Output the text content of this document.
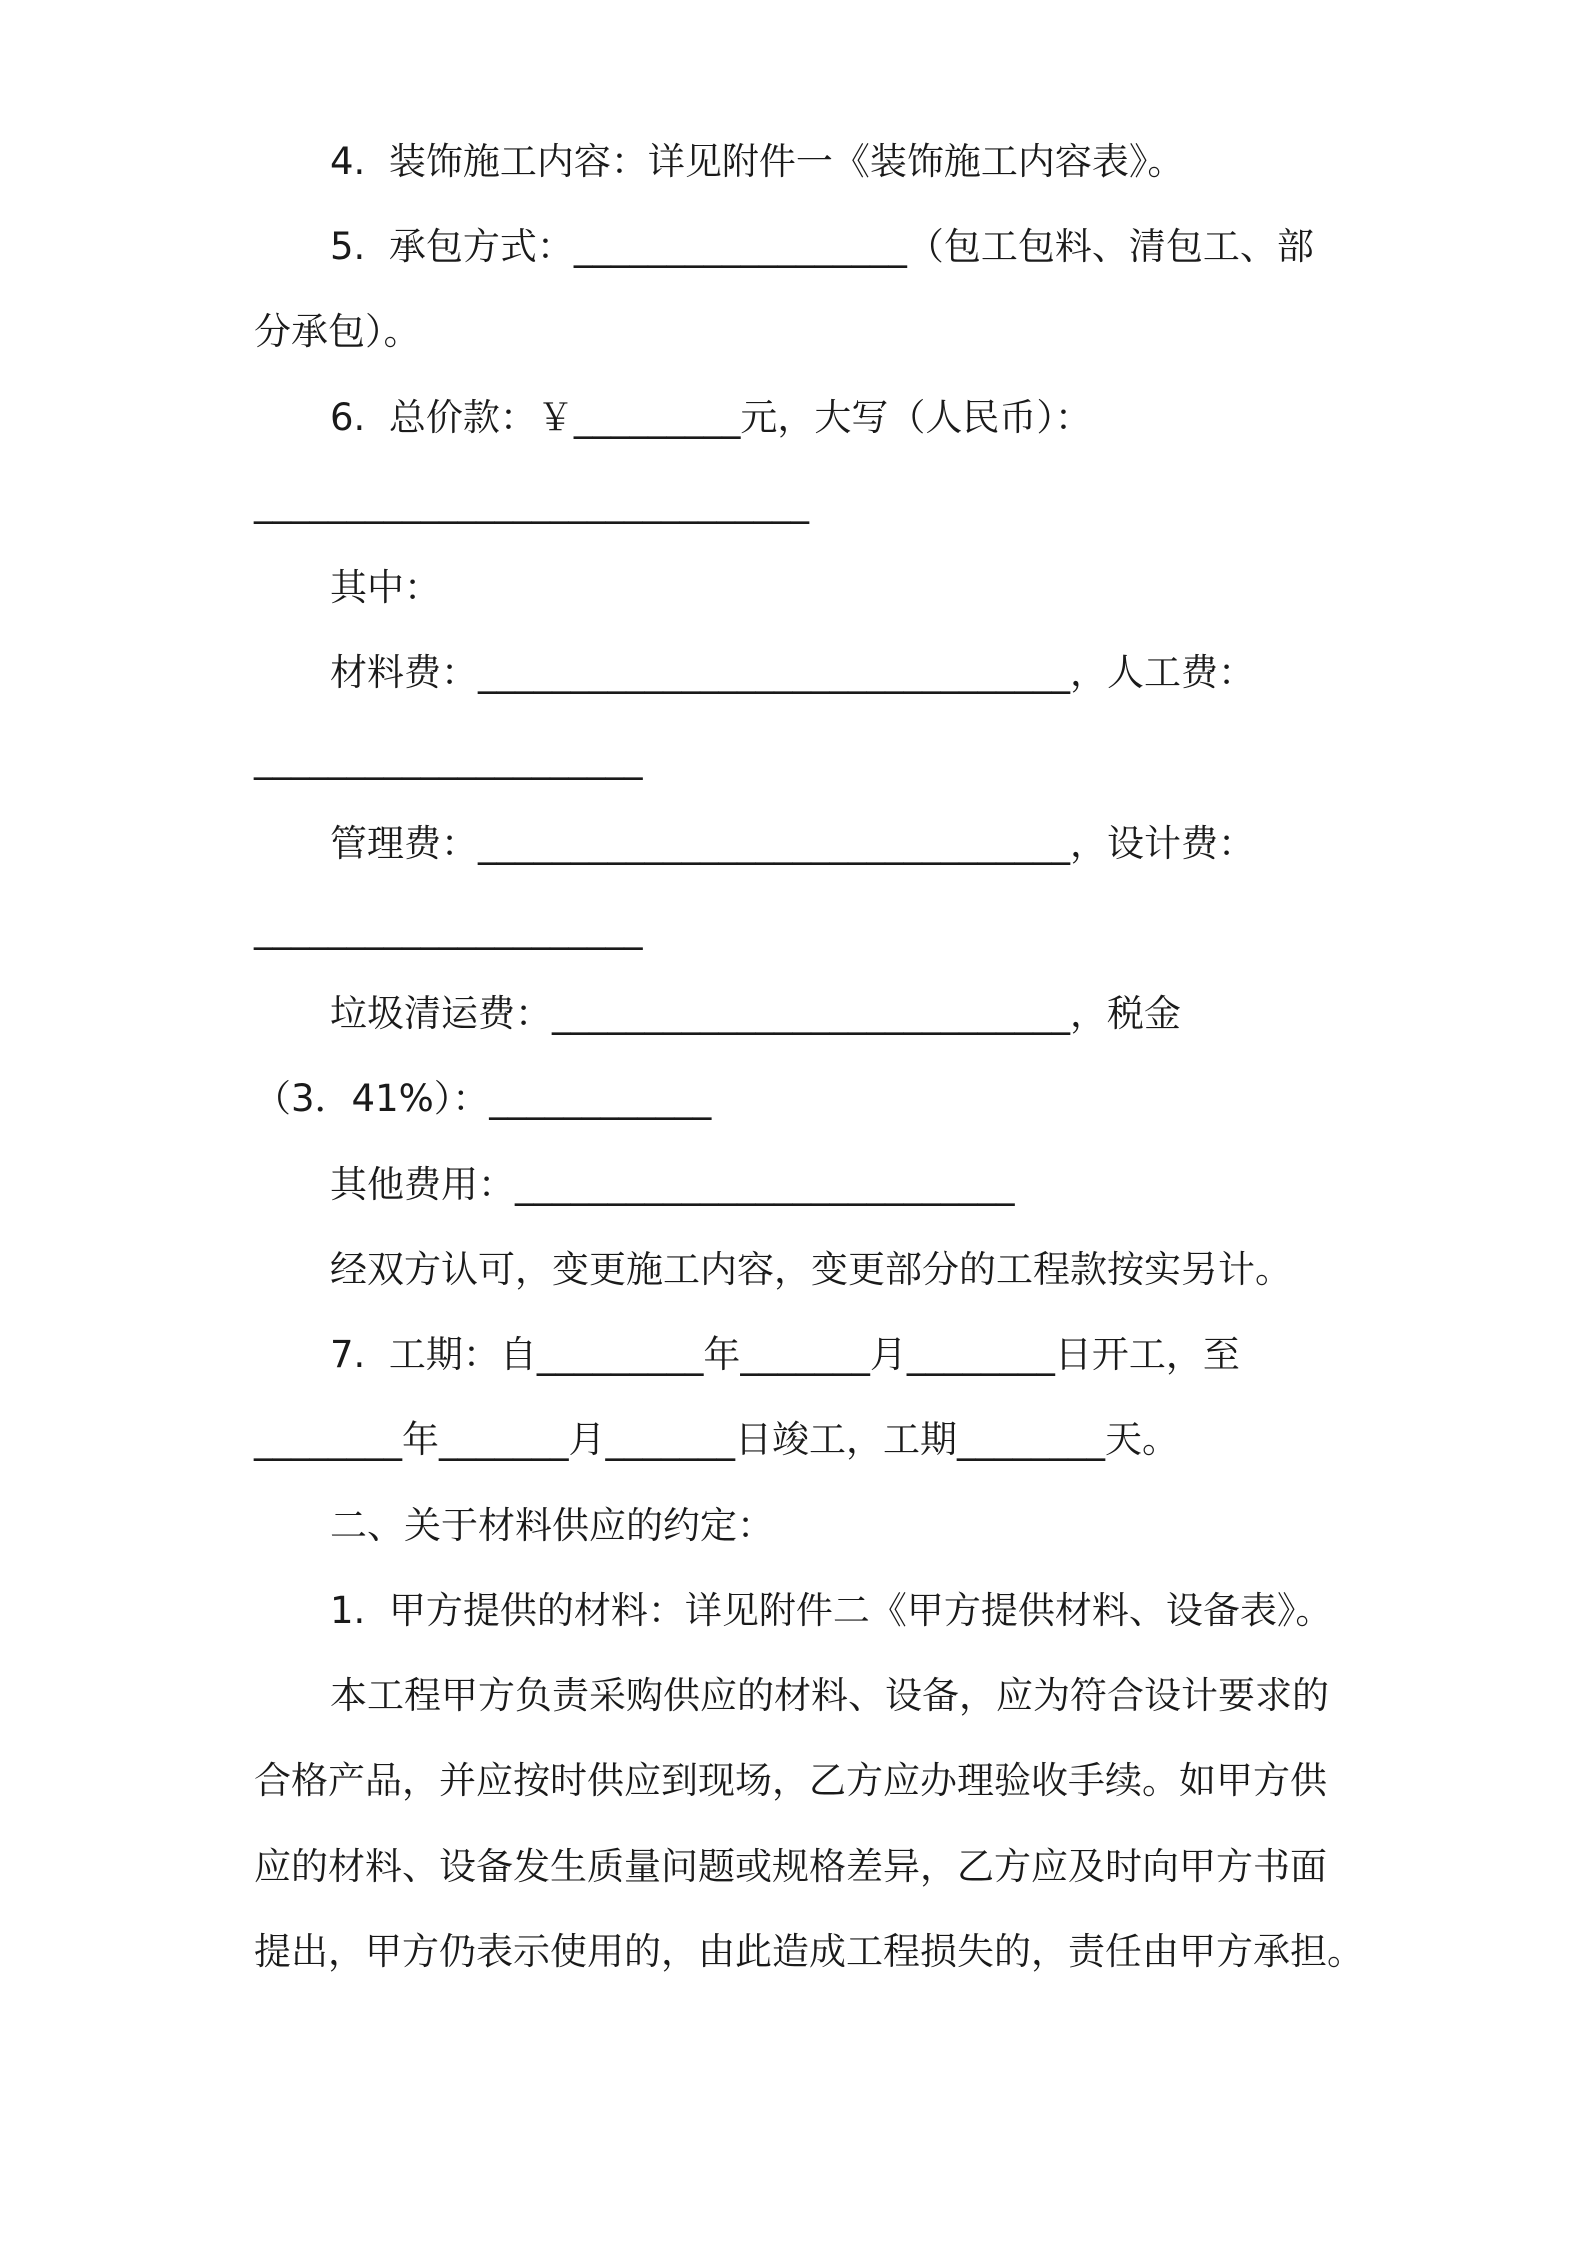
4.  装饰施工内容：详见附件一《装饰施工内容表》。
5.  承包方式：__________________（包工包料、清包工、部
分承包）。
6.  总价款：￥_________元，大写（人民币）：
______________________________
其中：
材料费：________________________________，人工费：
_____________________
管理费：________________________________，设计费：
_____________________
垃圾清运费：____________________________，税金
（3．41%）：____________
其他费用：___________________________
经双方认可，变更施工内容，变更部分的工程款按实另计。
7.  工期：自_________年_______月________日开工，至
________年_______月_______日竣工，工期________天。
二、关于材料供应的约定：
1.  甲方提供的材料：详见附件二《甲方提供材料、设备表》。
本工程甲方负责采购供应的材料、设备，应为符合设计要求的
合格产品，并应按时供应到现场，乙方应办理验收手续。如甲方供
应的材料、设备发生质量问题或规格差异，乙方应及时向甲方书面
提出，甲方仍表示使用的，由此造成工程损失的，责任由甲方承担。
